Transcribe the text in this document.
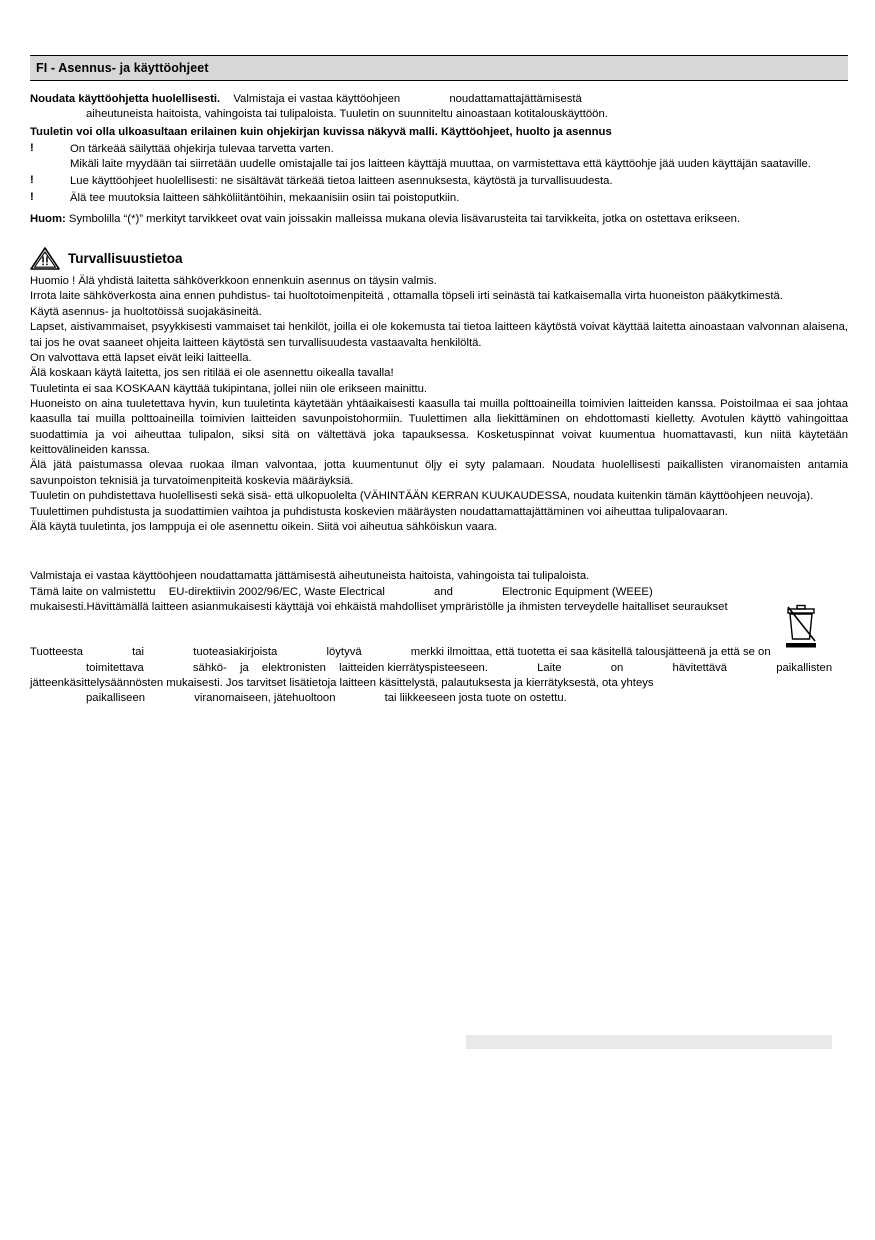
FI - Asennus- ja käyttöohjeet

Noudata käyttöohjetta huolellisesti. Valmistaja ei vastaa käyttöohjeen	noudattamattajättämisestä

aiheutuneista haitoista, vahingoista tai tulipaloista. Tuuletin on suunniteltu ainoastaan kotitalouskäyttöön.

Tuuletin voi olla ulkoasultaan erilainen kuin ohjekirjan kuvissa näkyvä malli. Käyttöohjeet, huolto ja asennus

!	On tärkeää säilyttää ohjekirja tulevaa tarvetta varten.
Mikäli laite myydään tai siirretään uudelle omistajalle tai jos laitteen käyttäjä muuttaa, on varmistettava että käyttöohje jää uuden käyttäjän saataville.
!	Lue käyttöohjeet huolellisesti: ne sisältävät tärkeää tietoa laitteen asennuksesta, käytöstä ja turvallisuudesta.
!	Älä tee muutoksia laitteen sähköliitäntöihin, mekaanisiin osiin tai poistoputkiin.

Huom: Symbolilla “(*)” merkityt tarvikkeet ovat vain joissakin malleissa mukana olevia lisävarusteita tai tarvikkeita, jotka on ostettava erikseen.

Turvallisuustietoa

Huomio ! Älä yhdistä laitetta sähköverkkoon ennenkuin asennus on täysin valmis.

Irrota laite sähköverkosta aina ennen puhdistus- tai huoltotoimenpiteitä , ottamalla töpseli irti seinästä tai katkaisemalla virta huoneiston pääkytkimestä.

Käytä asennus- ja huoltotöissä suojakäsineitä.

Lapset, aistivammaiset, psyykkisesti vammaiset tai henkilöt, joilla ei ole kokemusta tai tietoa laitteen käytöstä voivat käyttää laitetta ainoastaan valvonnan alaisena, tai jos he ovat saaneet ohjeita laitteen käytöstä sen turvallisuudesta vastaavalta henkilöltä.

On valvottava että lapset eivät leiki laitteella.

Älä koskaan käytä laitetta, jos sen ritilää ei ole asennettu oikealla tavalla!

Tuuletinta ei saa KOSKAAN käyttää tukipintana, jollei niin ole erikseen mainittu.

Huoneisto on aina tuuletettava hyvin, kun tuuletinta käytetään yhtäaikaisesti kaasulla tai muilla polttoaineilla toimivien laitteiden kanssa. Poistoilmaa ei saa johtaa kaasulla tai muilla polttoaineilla toimivien laitteiden savunpoistohormiin. Tuulettimen alla liekittäminen on ehdottomasti kielletty. Avotulen käyttö vahingoittaa suodattimia ja voi aiheuttaa tulipalon, siksi sitä on vältettävä joka tapauksessa. Kosketuspinnat voivat kuumentua huomattavasti, kun niitä käytetään keittovälineiden kanssa.

Älä jätä paistumassa olevaa ruokaa ilman valvontaa, jotta kuumentunut öljy ei syty palamaan. Noudata huolellisesti paikallisten viranomaisten antamia savunpoiston teknisiä ja turvatoimenpiteitä koskevia määräyksiä.

Tuuletin on puhdistettava huolellisesti sekä sisä- että ulkopuolelta (VÄHINTÄÄN KERRAN KUUKAUDESSA, noudata kuitenkin tämän käyttöohjeen neuvoja).

Tuulettimen puhdistusta ja suodattimien vaihtoa ja puhdistusta koskevien määräysten noudattamattajättäminen voi aiheuttaa tulipalovaaran.

Älä käytä tuuletinta, jos lamppuja ei ole asennettu oikein. Siitä voi aiheutua sähköiskun vaara.

Valmistaja ei vastaa käyttöohjeen noudattamatta jättämisestä aiheutuneista haitoista, vahingoista tai tulipaloista.

Tämä laite on valmistettu EU-direktiivin 2002/96/EC, Waste Electrical	and	Electronic Equipment (WEEE)

mukaisesti.Hävittämällä laitteen asianmukaisesti käyttäjä voi ehkäistä mahdolliset ympräristölle ja ihmisten terveydelle haitalliset seuraukset

Tuotteesta	tai	tuoteasiakirjoista	löytyvä	merkki ilmoittaa, että tuotetta ei saa käsitellä talousjätteenä ja että se on

toimitettava	sähkö- ja elektronisten laitteiden kierrätyspisteeseen.	Laite	on	hävitettävä	paikallisten

jätteenkäsittelysäännösten mukaisesti. Jos tarvitset lisätietoja laitteen käsittelystä, palautuksesta ja kierrätyksestä, ota yhteys

paikalliseen	viranomaiseen, jätehuoltoon	tai liikkeeseen josta tuote on ostettu.
